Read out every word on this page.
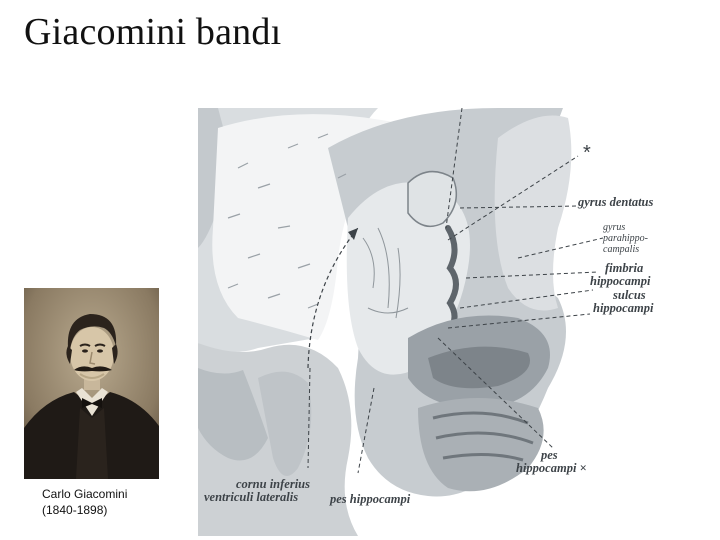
Giacomini bandı
Carlo Giacomini
(1840-1898)
*
gyrus dentatus
gyrus
parahippo-
campalis
fimbria
hippocampi
sulcus
hippocampi
pes
hippocampi ×
cornu inferius
ventriculi lateralis	pes hippocampi
